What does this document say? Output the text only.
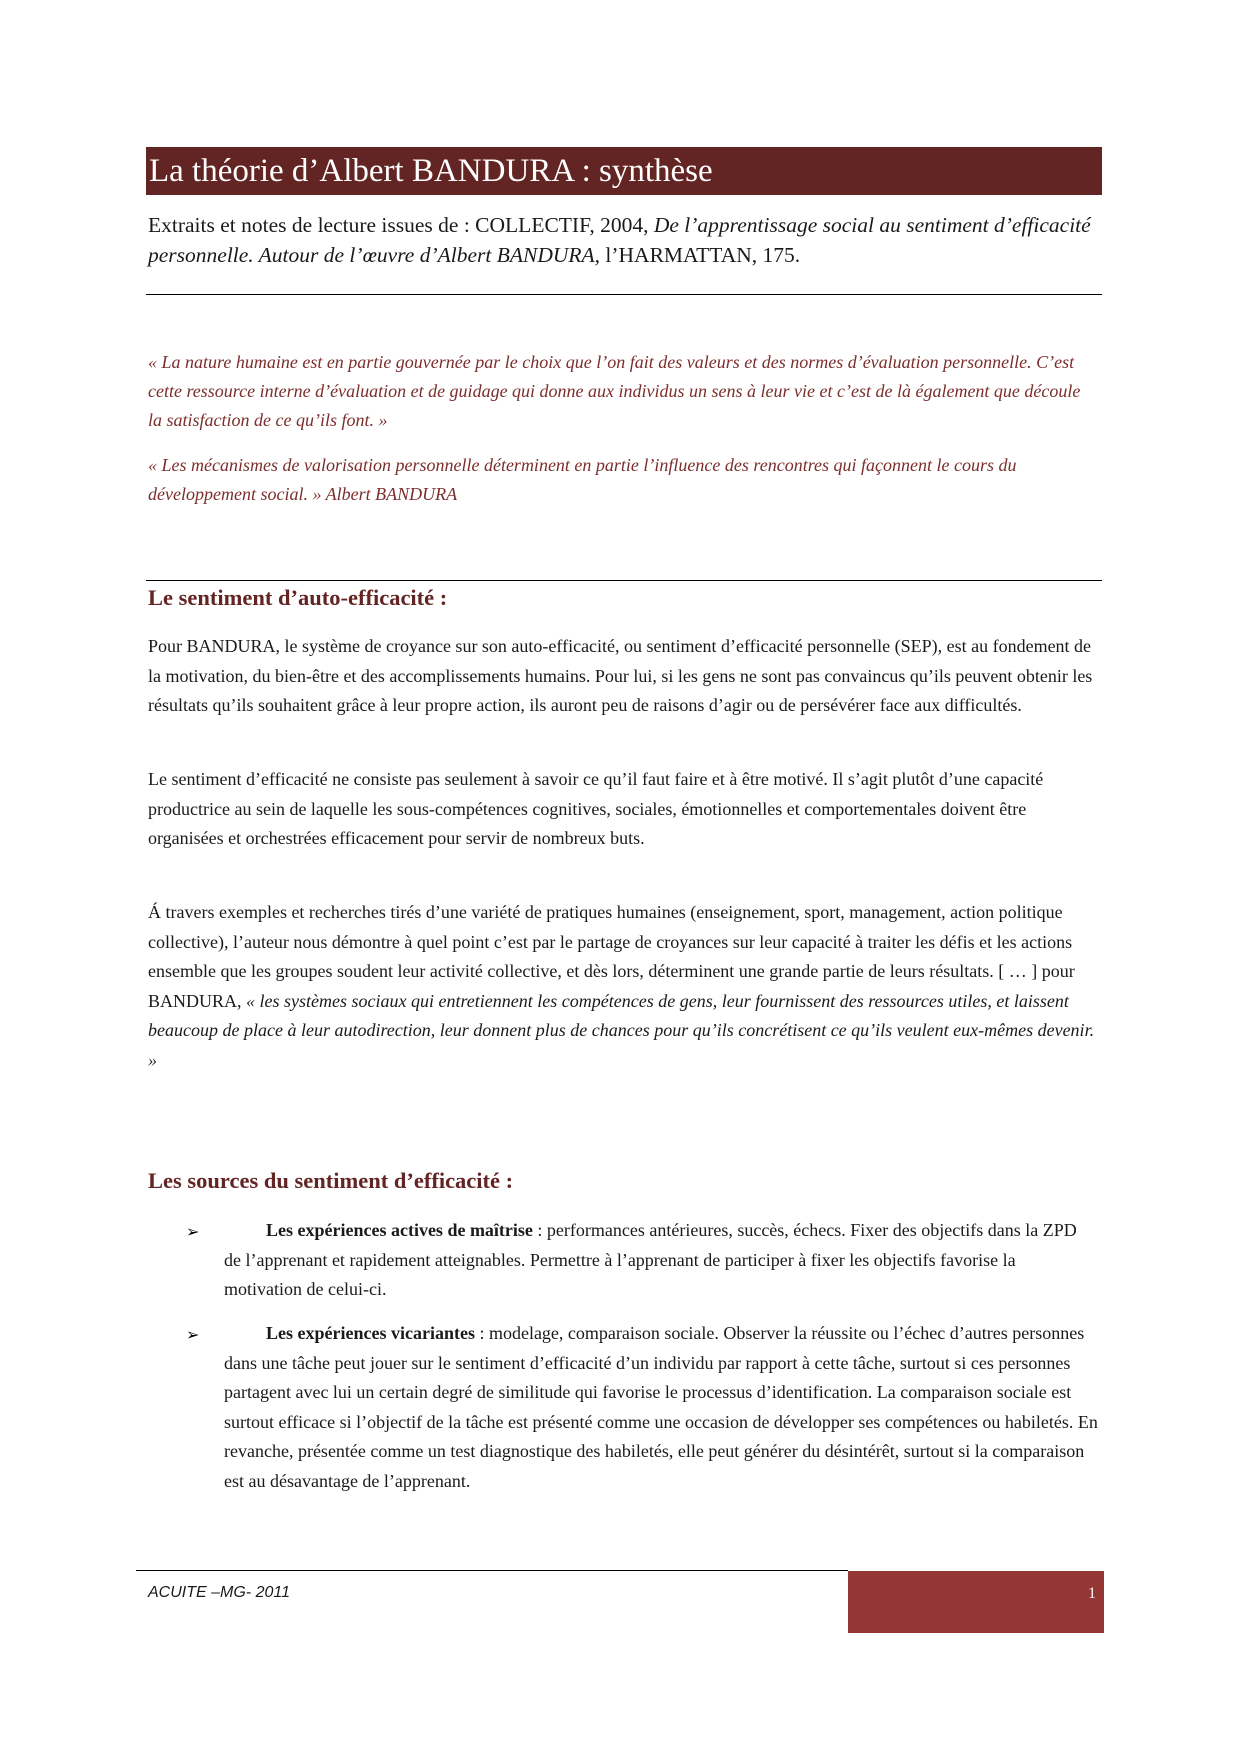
La théorie d’Albert BANDURA : synthèse
Extraits et notes de lecture issues de : COLLECTIF, 2004, De l’apprentissage social au sentiment d’efficacité personnelle. Autour de l’œuvre d’Albert BANDURA, l’HARMATTAN, 175.
« La nature humaine est en partie gouvernée par le choix que l’on fait des valeurs et des normes d’évaluation personnelle. C’est cette ressource interne d’évaluation et de guidage qui donne aux individus un sens à leur vie et c’est de là également que découle la satisfaction de ce qu’ils font. »
« Les mécanismes de valorisation personnelle déterminent en partie l’influence des rencontres qui façonnent le cours du développement social. » Albert BANDURA
Le sentiment d’auto-efficacité :
Pour BANDURA, le système de croyance sur son auto-efficacité, ou sentiment d’efficacité personnelle (SEP), est au fondement de la motivation, du bien-être et des accomplissements humains. Pour lui, si les gens ne sont pas convaincus qu’ils peuvent obtenir les résultats qu’ils souhaitent grâce à leur propre action, ils auront peu de raisons d’agir ou de persévérer face aux difficultés.
Le sentiment d’efficacité ne consiste pas seulement à savoir ce qu’il faut faire et à être motivé. Il s’agit plutôt d’une capacité productrice au sein de laquelle les sous-compétences cognitives, sociales, émotionnelles et comportementales doivent être organisées et orchestrées efficacement pour servir de nombreux buts.
Á travers exemples et recherches tirés d’une variété de pratiques humaines (enseignement, sport, management, action politique collective), l’auteur nous démontre à quel point c’est par le partage de croyances sur leur capacité à traiter les défis et les actions ensemble que les groupes soudent leur activité collective, et dès lors, déterminent une grande partie de leurs résultats. [ … ] pour BANDURA, « les systèmes sociaux qui entretiennent les compétences de gens, leur fournissent des ressources utiles, et laissent beaucoup de place à leur autodirection, leur donnent plus de chances pour qu’ils concrétisent ce qu’ils veulent eux-mêmes devenir. »
Les sources du sentiment d’efficacité :
➢	Les expériences actives de maîtrise : performances antérieures, succès, échecs. Fixer des objectifs dans la ZPD de l’apprenant et rapidement atteignables. Permettre à l’apprenant de participer à fixer les objectifs favorise la motivation de celui-ci.
➢	Les expériences vicariantes : modelage, comparaison sociale. Observer la réussite ou l’échec d’autres personnes dans une tâche peut jouer sur le sentiment d’efficacité d’un individu par rapport à cette tâche, surtout si ces personnes partagent avec lui un certain degré de similitude qui favorise le processus d’identification. La comparaison sociale est surtout efficace si l’objectif de la tâche est présenté comme une occasion de développer ses compétences ou habiletés. En revanche, présentée comme un test diagnostique des habiletés, elle peut générer du désintérêt, surtout si la comparaison est au désavantage de l’apprenant.
ACUITE –MG- 2011	1
